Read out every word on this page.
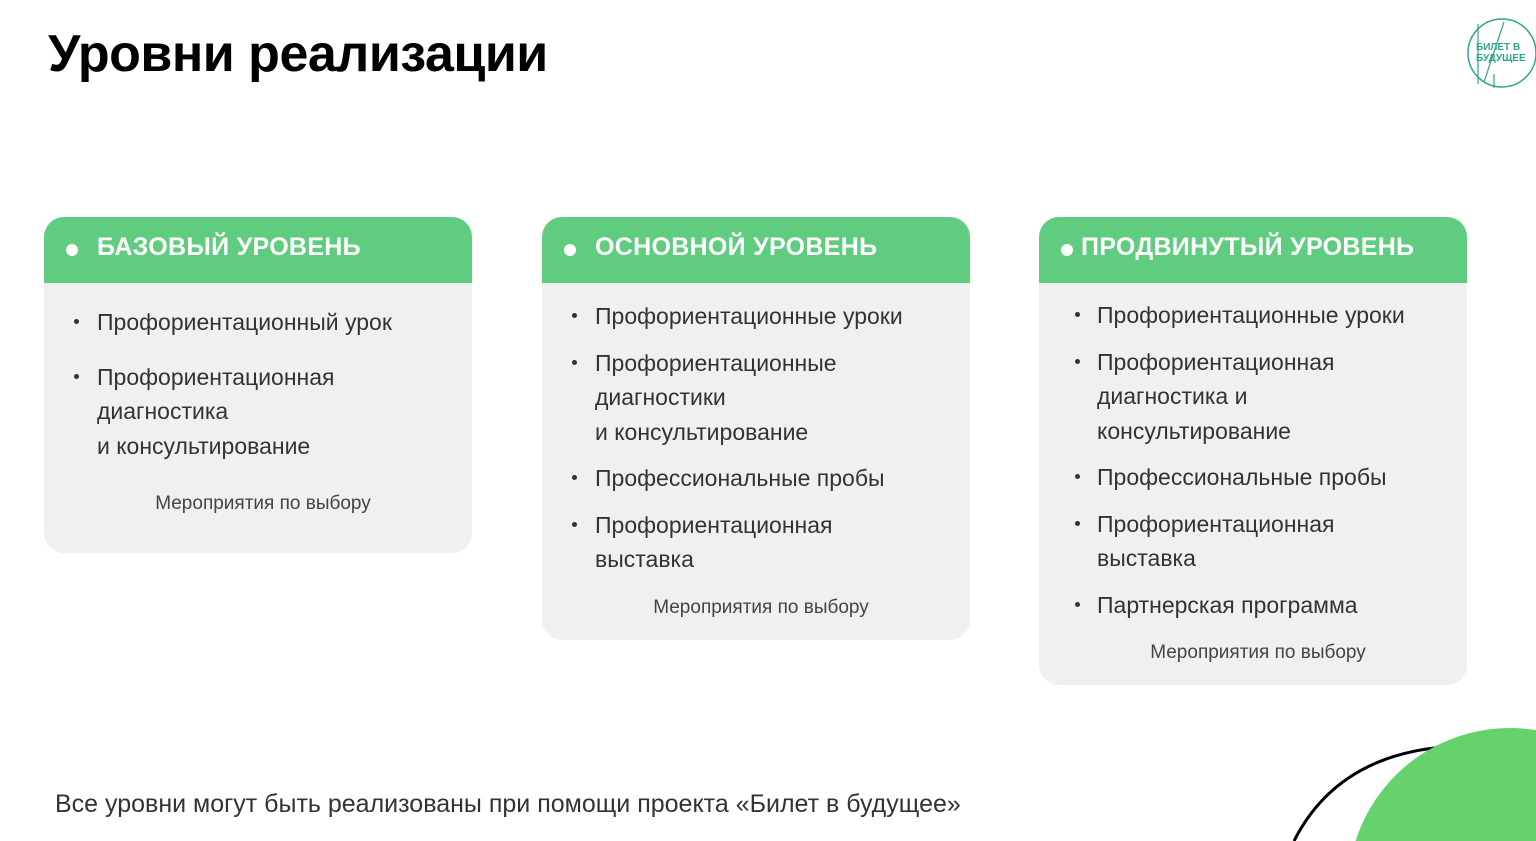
Уровни реализации	БИЛЕТ В
БУДУЩЕЕ
БАЗОВЫЙ УРОВЕНЬ
Профориентационный урок
Профориентационная
диагностика
и консультирование
Мероприятия по выбору
ОСНОВНОЙ УРОВЕНЬ
Профориентационные уроки
Профориентационные
диагностики
и консультирование
Профессиональные пробы
Профориентационная
выставка
Мероприятия по выбору
ПРОДВИНУТЫЙ УРОВЕНЬ
Профориентационные уроки
Профориентационная
диагностика и
консультирование
Профессиональные пробы
Профориентационная
выставка
Партнерская программа
Мероприятия по выбору

Все уровни могут быть реализованы при помощи проекта «Билет в будущее»
